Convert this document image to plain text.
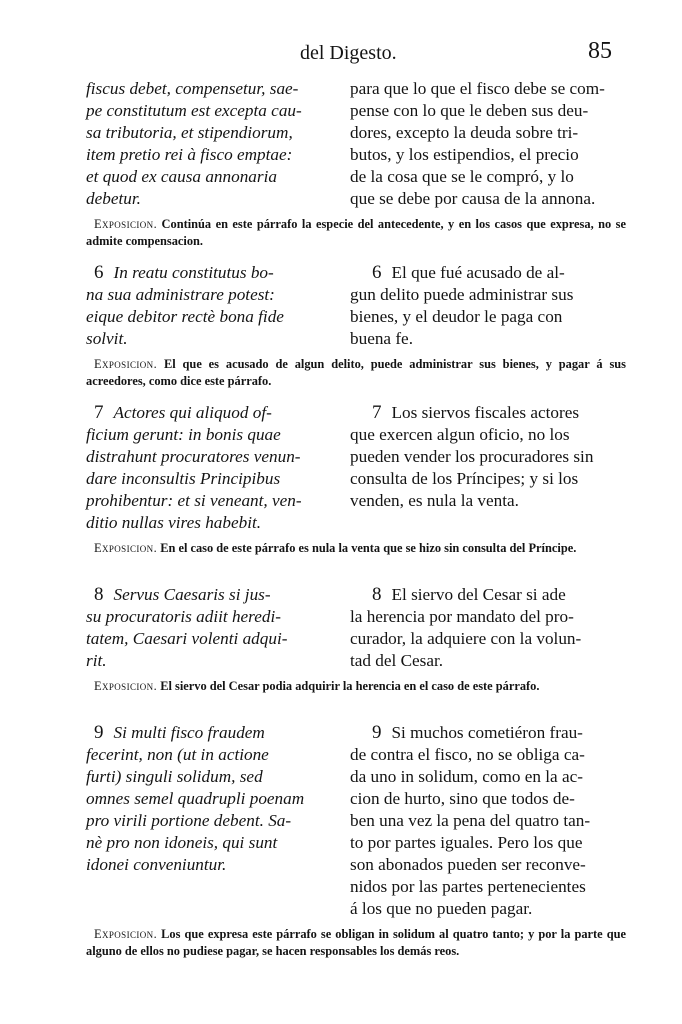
del Digesto.	85
fiscus debet, compensetur, sae-
pe constitutum est excepta cau-
sa tributoria, et stipendiorum,
item pretio rei à fisco emptae:
et quod ex causa annonaria
debetur.
para que lo que el fisco debe se com-
pense con lo que le deben sus deu-
dores, excepto la deuda sobre tri-
butos, y los estipendios, el precio
de la cosa que se le compró, y lo
que se debe por causa de la annona.
Exposicion. Continúa en este párrafo la especie del antecedente, y en los casos que expresa, no se admite compensacion.
6 In reatu constitutus bo-
na sua administrare potest:
eique debitor rectè bona fide
solvit.
6 El que fué acusado de al-
gun delito puede administrar sus
bienes, y el deudor le paga con
buena fe.
Exposicion. El que es acusado de algun delito, puede administrar sus bienes, y pagar á sus acreedores, como dice este párrafo.
7 Actores qui aliquod of-
ficium gerunt: in bonis quae
distrahunt procuratores venun-
dare inconsultis Principibus
prohibentur: et si veneant, ven-
ditio nullas vires habebit.
7 Los siervos fiscales actores
que exercen algun oficio, no los
pueden vender los procuradores sin
consulta de los Príncipes; y si los
venden, es nula la venta.
Exposicion. En el caso de este párrafo es nula la venta que se hizo sin consulta del Príncipe.
8 Servus Caesaris si jus-
su procuratoris adiit heredi-
tatem, Caesari volenti adqui-
rit.
8 El siervo del Cesar si ade
la herencia por mandato del pro-
curador, la adquiere con la volun-
tad del Cesar.
Exposicion. El siervo del Cesar podia adquirir la herencia en el caso de este párrafo.
9 Si multi fisco fraudem
fecerint, non (ut in actione
furti) singuli solidum, sed
omnes semel quadrupli poenam
pro virili portione debent. Sa-
nè pro non idoneis, qui sunt
idonei conveniuntur.
9 Si muchos cometiéron frau-
de contra el fisco, no se obliga ca-
da uno in solidum, como en la ac-
cion de hurto, sino que todos de-
ben una vez la pena del quatro tan-
to por partes iguales. Pero los que
son abonados pueden ser reconve-
nidos por las partes pertenecientes
á los que no pueden pagar.
Exposicion. Los que expresa este párrafo se obligan in solidum al quatro tanto; y por la parte que alguno de ellos no pudiese pagar, se hacen responsables los demás reos.
